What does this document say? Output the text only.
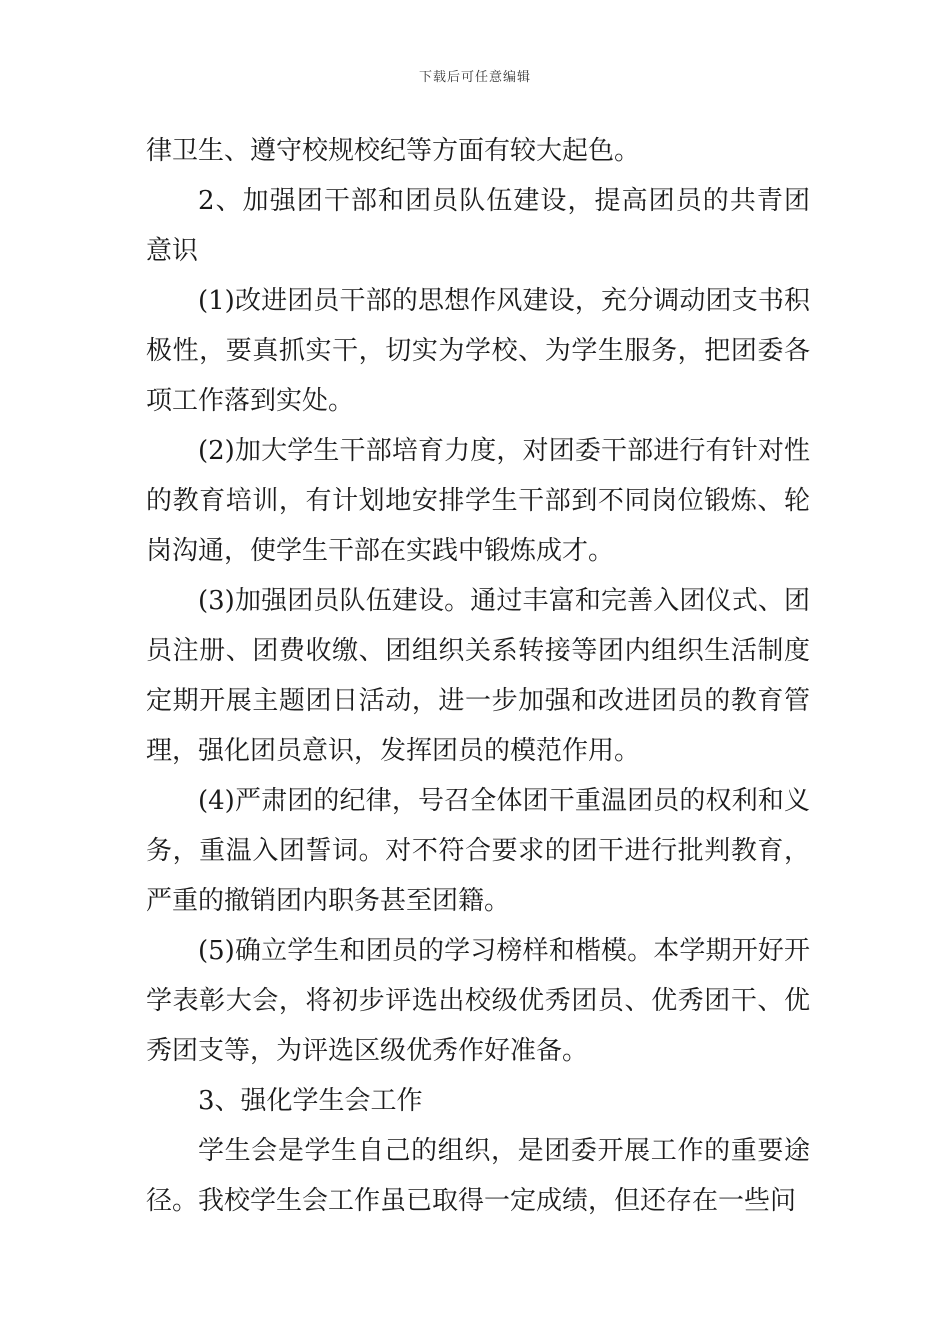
下载后可任意编辑

律卫生、遵守校规校纪等方面有较大起色。

2、加强团干部和团员队伍建设，提高团员的共青团意识

(1)改进团员干部的思想作风建设，充分调动团支书积极性，要真抓实干，切实为学校、为学生服务，把团委各项工作落到实处。

(2)加大学生干部培育力度，对团委干部进行有针对性的教育培训，有计划地安排学生干部到不同岗位锻炼、轮岗沟通，使学生干部在实践中锻炼成才。

(3)加强团员队伍建设。通过丰富和完善入团仪式、团员注册、团费收缴、团组织关系转接等团内组织生活制度定期开展主题团日活动，进一步加强和改进团员的教育管理，强化团员意识，发挥团员的模范作用。

(4)严肃团的纪律，号召全体团干重温团员的权利和义务，重温入团誓词。对不符合要求的团干进行批判教育，严重的撤销团内职务甚至团籍。

(5)确立学生和团员的学习榜样和楷模。本学期开好开学表彰大会，将初步评选出校级优秀团员、优秀团干、优秀团支等，为评选区级优秀作好准备。

3、强化学生会工作

学生会是学生自己的组织，是团委开展工作的重要途径。我校学生会工作虽已取得一定成绩，但还存在一些问
